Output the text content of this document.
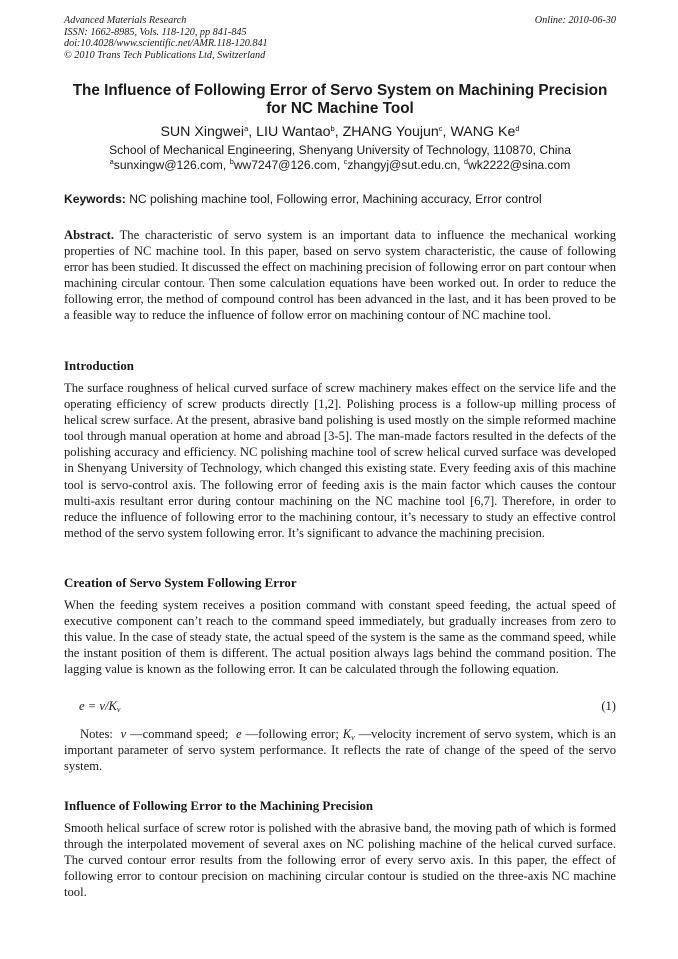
Advanced Materials Research
ISSN: 1662-8985, Vols. 118-120, pp 841-845
doi:10.4028/www.scientific.net/AMR.118-120.841
© 2010 Trans Tech Publications Ltd, Switzerland
Online: 2010-06-30
The Influence of Following Error of Servo System on Machining Precision for NC Machine Tool
SUN Xingwei$^a$, LIU Wantao$^b$, ZHANG Youjun$^c$, WANG Ke$^d$
School of Mechanical Engineering, Shenyang University of Technology, 110870, China
$^a$sunxingw@126.com, $^b$ww7247@126.com, $^c$zhangyj@sut.edu.cn, $^d$wk2222@sina.com
Keywords: NC polishing machine tool, Following error, Machining accuracy, Error control
Abstract. The characteristic of servo system is an important data to influence the mechanical working properties of NC machine tool. In this paper, based on servo system characteristic, the cause of following error has been studied. It discussed the effect on machining precision of following error on part contour when machining circular contour. Then some calculation equations have been worked out. In order to reduce the following error, the method of compound control has been advanced in the last, and it has been proved to be a feasible way to reduce the influence of follow error on machining contour of NC machine tool.
Introduction
The surface roughness of helical curved surface of screw machinery makes effect on the service life and the operating efficiency of screw products directly [1,2]. Polishing process is a follow-up milling process of helical screw surface. At the present, abrasive band polishing is used mostly on the simple reformed machine tool through manual operation at home and abroad [3-5]. The man-made factors resulted in the defects of the polishing accuracy and efficiency. NC polishing machine tool of screw helical curved surface was developed in Shenyang University of Technology, which changed this existing state. Every feeding axis of this machine tool is servo-control axis. The following error of feeding axis is the main factor which causes the contour multi-axis resultant error during contour machining on the NC machine tool [6,7]. Therefore, in order to reduce the influence of following error to the machining contour, it’s necessary to study an effective control method of the servo system following error. It’s significant to advance the machining precision.
Creation of Servo System Following Error
When the feeding system receives a position command with constant speed feeding, the actual speed of executive component can’t reach to the command speed immediately, but gradually increases from zero to this value. In the case of steady state, the actual speed of the system is the same as the command speed, while the instant position of them is different. The actual position always lags behind the command position. The lagging value is known as the following error. It can be calculated through the following equation.
$e = v/K_v$	(1)
Notes: v —command speed; e —following error; $K_v$ —velocity increment of servo system, which is an important parameter of servo system performance. It reflects the rate of change of the speed of the servo system.
Influence of Following Error to the Machining Precision
Smooth helical surface of screw rotor is polished with the abrasive band, the moving path of which is formed through the interpolated movement of several axes on NC polishing machine of the helical curved surface. The curved contour error results from the following error of every servo axis. In this paper, the effect of following error to contour precision on machining circular contour is studied on the three-axis NC machine tool.
